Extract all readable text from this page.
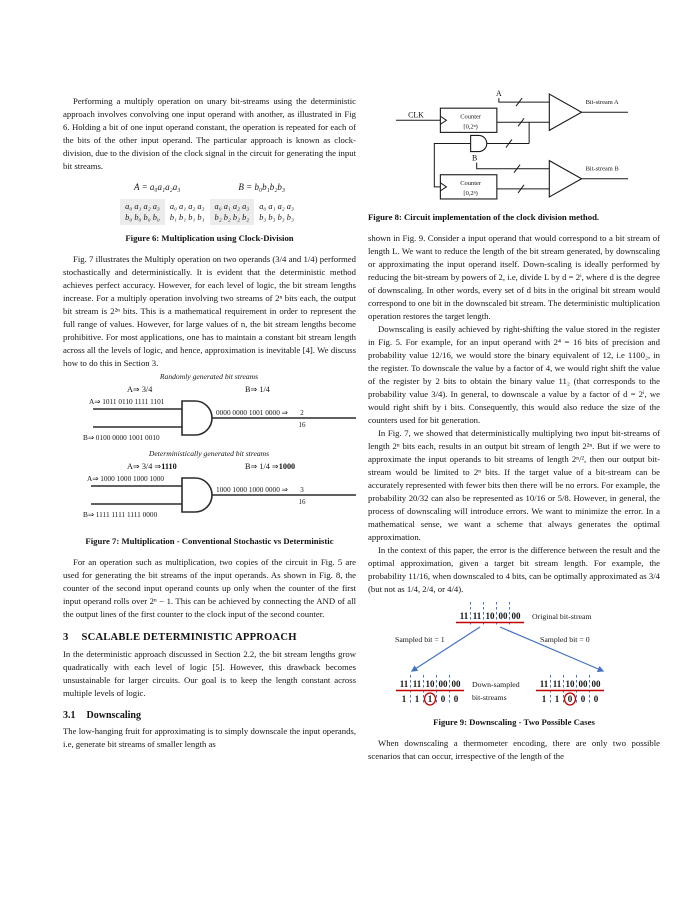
Performing a multiply operation on unary bit-streams using the deterministic approach involves convolving one input operand with another, as illustrated in Fig 6. Holding a bit of one input operand constant, the operation is repeated for each of the bits of the other input operand. The particular approach is known as clock-division, due to the division of the clock signal in the circuit for generating the input bit streams.

A = a₀a₁a₂a₃	B = b₀b₁b₂b₃
a₀ a₁ a₂ a₃
b₀ b₀ b₀ b₀
a₀ a₁ a₂ a₃
b₁ b₁ b₁ b₁
a₀ a₁ a₂ a₃
b₂ b₂ b₂ b₂
a₀ a₁ a₂ a₃
b₃ b₃ b₃ b₃
Figure 6: Multiplication using Clock-Division

Fig. 7 illustrates the Multiply operation on two operands (3/4 and 1/4) performed stochastically and deterministically. It is evident that the deterministic method achieves perfect accuracy. However, for each level of logic, the bit stream lengths increase. For a multiply operation involving two streams of 2ⁿ bits each, the output bit stream is 2²ⁿ bits. This is a mathematical requirement in order to represent the full range of values. However, for large values of n, the bit stream lengths become prohibitive. For most applications, one has to maintain a constant bit stream length across all the levels of logic, and hence, approximation is inevitable [4]. We discuss how to do this in Section 3.

Randomly generated bit streams
A⇒ 3/4	B⇒ 1/4
A⇒ 1011 0110 1111 1101
B⇒ 0100 0000 1001 0010
0000 0000 1001 0000 ⇒ 2
16
Deterministically generated bit streams
A⇒ 3/4 ⇒1110	B⇒ 1/4 ⇒1000
A⇒ 1000 1000 1000 1000
B⇒ 1111 1111 1111 0000
1000 1000 1000 0000 ⇒ 3
16
Figure 7: Multiplication - Conventional Stochastic vs Deterministic

For an operation such as multiplication, two copies of the circuit in Fig. 5 are used for generating the bit streams of the input operands. As shown in Fig. 8, the counter of the second input operand counts up only when the counter of the first input operand rolls over 2ⁿ − 1. This can be achieved by connecting the AND of all the output lines of the first counter to the clock input of the second counter.

3 SCALABLE DETERMINISTIC APPROACH

In the deterministic approach discussed in Section 2.2, the bit stream lengths grow quadratically with each level of logic [5]. However, this drawback becomes unsustainable for larger circuits. Our goal is to keep the length constant across multiple levels of logic.

3.1 Downscaling

The low-hanging fruit for approximating is to simply downscale the input operands, i.e, generate bit streams of smaller length as

A
CLK	Counter
[0,2ⁿ)
B
Counter
[0,2ⁿ)
Bit-stream A
Bit-stream B
Figure 8: Circuit implementation of the clock division method.

shown in Fig. 9. Consider a input operand that would correspond to a bit stream of length L. We want to reduce the length of the bit stream generated, by downscaling or approximating the input operand itself. Down-scaling is ideally performed by reducing the bit-stream by powers of 2, i.e, divide L by d = 2ⁱ, where d is the degree of downscaling. In other words, every set of d bits in the original bit stream would correspond to one bit in the downscaled bit stream. The deterministic multiplication operation restores the target length.

Downscaling is easily achieved by right-shifting the value stored in the register in Fig. 5. For example, for an input operand with 2⁴ = 16 bits of precision and probability value 12/16, we would store the binary equivalent of 12, i.e 1100₂, in the register. To downscale the value by a factor of 4, we would right shift the value of the register by 2 bits to obtain the binary value 11₂ (that corresponds to the probability value 3/4). In general, to downscale a value by a factor of d = 2ⁱ, we would right shift by i bits. Consequently, this would also reduce the size of the counters used for bit generation.

In Fig. 7, we showed that deterministically multiplying two input bit-streams of length 2ⁿ bits each, results in an output bit stream of length 2²ⁿ. But if we were to approximate the input operands to bit streams of length 2ⁿ/², then our output bit-stream would be limited to 2ⁿ bits. If the target value of a bit-stream can be accurately represented with fewer bits then there will be no errors. For example, the probability 20/32 can also be represented as 10/16 or 5/8. However, in general, the process of downscaling will introduce errors. We want to minimize the error. In a mathematical sense, we want a scheme that always generates the optimal approximation.

In the context of this paper, the error is the difference between the result and the optimal approximation, given a target bit stream length. For example, the probability 11/16, when downscaled to 4 bits, can be optimally approximated as 3/4 (but not as 1/4, 2/4, or 4/4).

11 11 10 00 00 Original bit-stream
Sampled bit = 1	Sampled bit = 0
11 11 10 00 00
1 1 1 0 0
Down-sampled
bit-streams
11 11 10 00 00
1 1 0 0 0
Figure 9: Downscaling - Two Possible Cases

When downscaling a thermometer encoding, there are only two possible scenarios that can occur, irrespective of the length of the
